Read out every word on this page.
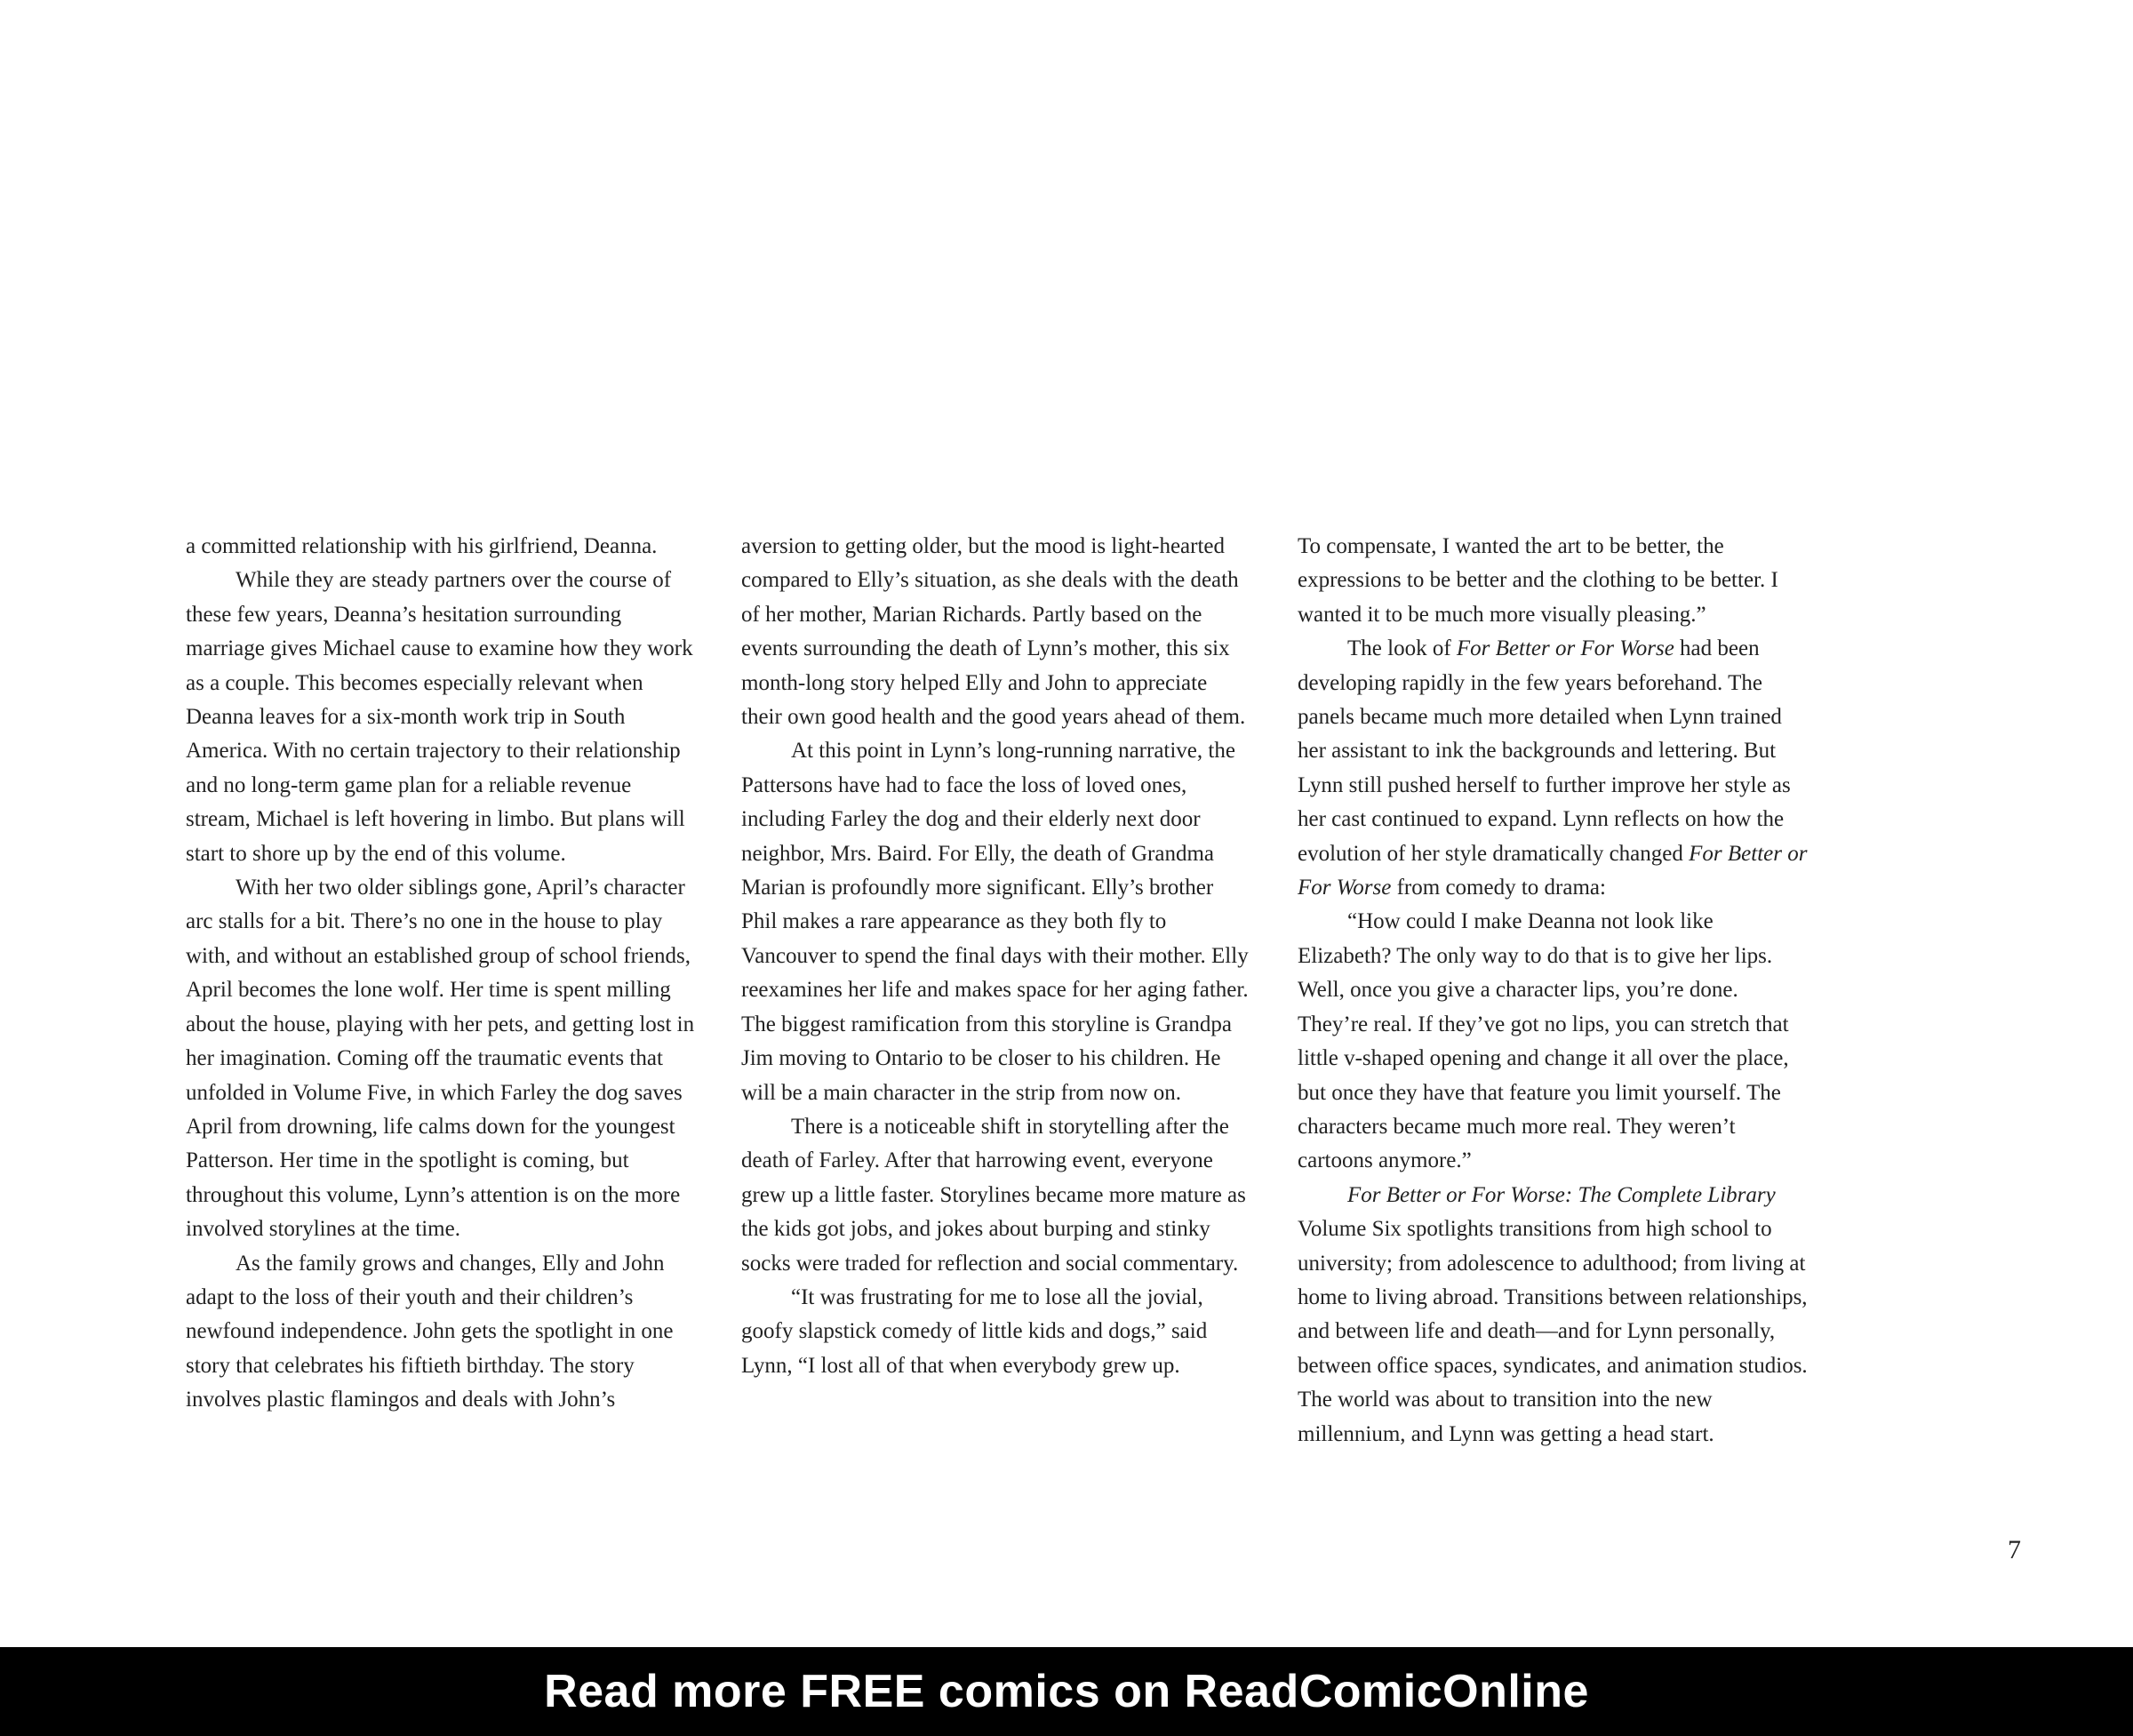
a committed relationship with his girlfriend, Deanna.

While they are steady partners over the course of these few years, Deanna’s hesitation surrounding marriage gives Michael cause to examine how they work as a couple. This becomes especially relevant when Deanna leaves for a six-month work trip in South America. With no certain trajectory to their relationship and no long-term game plan for a reliable revenue stream, Michael is left hovering in limbo. But plans will start to shore up by the end of this volume.

With her two older siblings gone, April’s character arc stalls for a bit. There’s no one in the house to play with, and without an established group of school friends, April becomes the lone wolf. Her time is spent milling about the house, playing with her pets, and getting lost in her imagination. Coming off the traumatic events that unfolded in Volume Five, in which Farley the dog saves April from drowning, life calms down for the youngest Patterson. Her time in the spotlight is coming, but throughout this volume, Lynn’s attention is on the more involved storylines at the time.

As the family grows and changes, Elly and John adapt to the loss of their youth and their children’s newfound independence. John gets the spotlight in one story that celebrates his fiftieth birthday. The story involves plastic flamingos and deals with John’s

aversion to getting older, but the mood is light-hearted compared to Elly’s situation, as she deals with the death of her mother, Marian Richards. Partly based on the events surrounding the death of Lynn’s mother, this six month-long story helped Elly and John to appreciate their own good health and the good years ahead of them.

At this point in Lynn’s long-running narrative, the Pattersons have had to face the loss of loved ones, including Farley the dog and their elderly next door neighbor, Mrs. Baird. For Elly, the death of Grandma Marian is profoundly more significant. Elly’s brother Phil makes a rare appearance as they both fly to Vancouver to spend the final days with their mother. Elly reexamines her life and makes space for her aging father. The biggest ramification from this storyline is Grandpa Jim moving to Ontario to be closer to his children. He will be a main character in the strip from now on.

There is a noticeable shift in storytelling after the death of Farley. After that harrowing event, everyone grew up a little faster. Storylines became more mature as the kids got jobs, and jokes about burping and stinky socks were traded for reflection and social commentary.

“It was frustrating for me to lose all the jovial, goofy slapstick comedy of little kids and dogs,” said Lynn, “I lost all of that when everybody grew up.

To compensate, I wanted the art to be better, the expressions to be better and the clothing to be better. I wanted it to be much more visually pleasing.”

The look of For Better or For Worse had been developing rapidly in the few years beforehand. The panels became much more detailed when Lynn trained her assistant to ink the backgrounds and lettering. But Lynn still pushed herself to further improve her style as her cast continued to expand. Lynn reflects on how the evolution of her style dramatically changed For Better or For Worse from comedy to drama:

“How could I make Deanna not look like Elizabeth? The only way to do that is to give her lips. Well, once you give a character lips, you’re done. They’re real. If they’ve got no lips, you can stretch that little v-shaped opening and change it all over the place, but once they have that feature you limit yourself. The characters became much more real. They weren’t cartoons anymore.”

For Better or For Worse: The Complete Library Volume Six spotlights transitions from high school to university; from adolescence to adulthood; from living at home to living abroad. Transitions between relationships, and between life and death—and for Lynn personally, between office spaces, syndicates, and animation studios. The world was about to transition into the new millennium, and Lynn was getting a head start.

7
Read more FREE comics on ReadComicOnline
